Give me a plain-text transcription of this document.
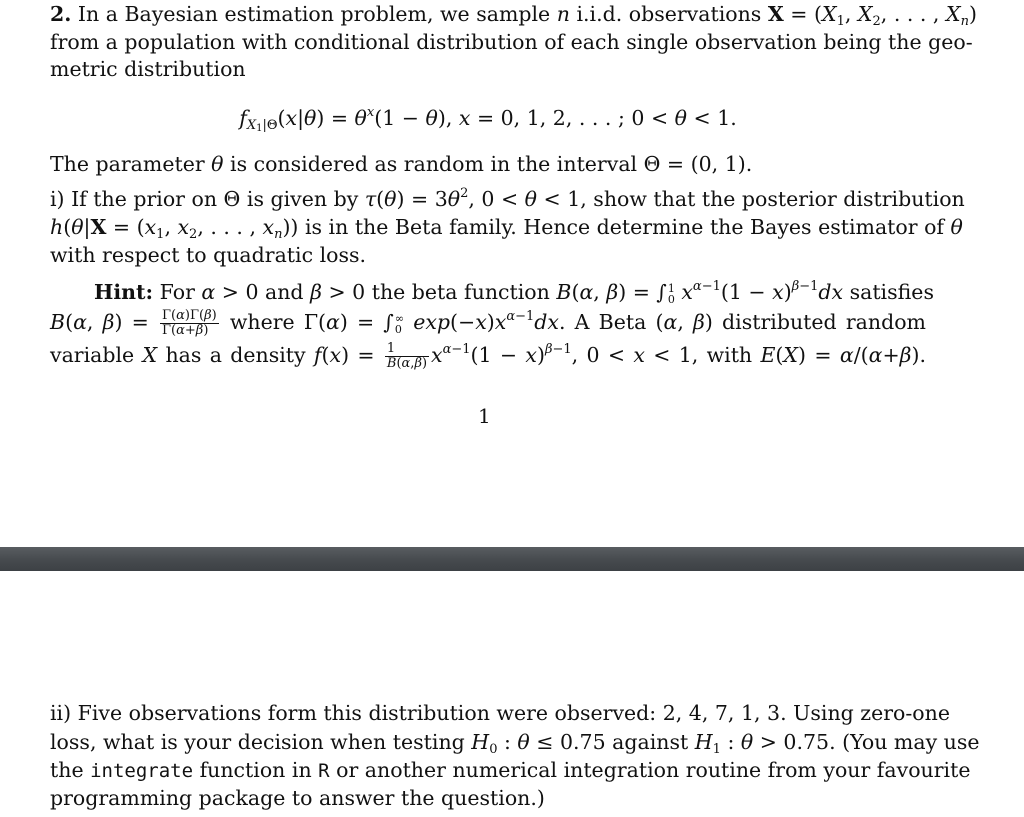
2. In a Bayesian estimation problem, we sample n i.i.d. observations $X = (X_1$, $X_2$, . . . , $X_n$)
from a population with conditional distribution of each single observation being the geo-
metric distribution
$f_{X_1|\Theta}(x|\theta) = \theta^x(1 - \theta)$, x = 0, 1, 2, . . . ; 0 < θ < 1.
The parameter θ is considered as random in the interval Θ = (0, 1).
i) If the prior on Θ is given by $\tau(\theta) = 3\theta^2$, 0 < θ < 1, show that the posterior distribution
$h(\theta|X = (x_1$, $x_2$, . . . , $x_n$)) is in the Beta family. Hence determine the Bayes estimator of θ
with respect to quadratic loss.
Hint: For α > 0 and β > 0 the beta function B(α, β) = ∫1
0 $x^{\alpha-1}(1 - x)^{\beta-1}dx$ satisfies
B(α, $\beta) = \frac{\Gamma(\alpha)\Gamma(\beta)}{\Gamma(\alpha+\beta)}$ where Γ(α) = ∫∞
0 $\exp(-x)x^{\alpha-1}dx$. A Beta (α, β) distributed random
variable X has a density $f(x) = \frac{1}{B(\alpha,\beta)} x^{\alpha-1}(1 - x)^{\beta-1}$, 0 < x < 1, with E(X) = α/(α+β).
1
ii) Five observations form this distribution were observed: 2, 4, 7, 1, 3. Using zero-one
loss, what is your decision when testing $H_0$ : θ ≤ 0.75 against $H_1$ : θ > 0.75. (You may use
the integrate function in R or another numerical integration routine from your favourite
programming package to answer the question.)
